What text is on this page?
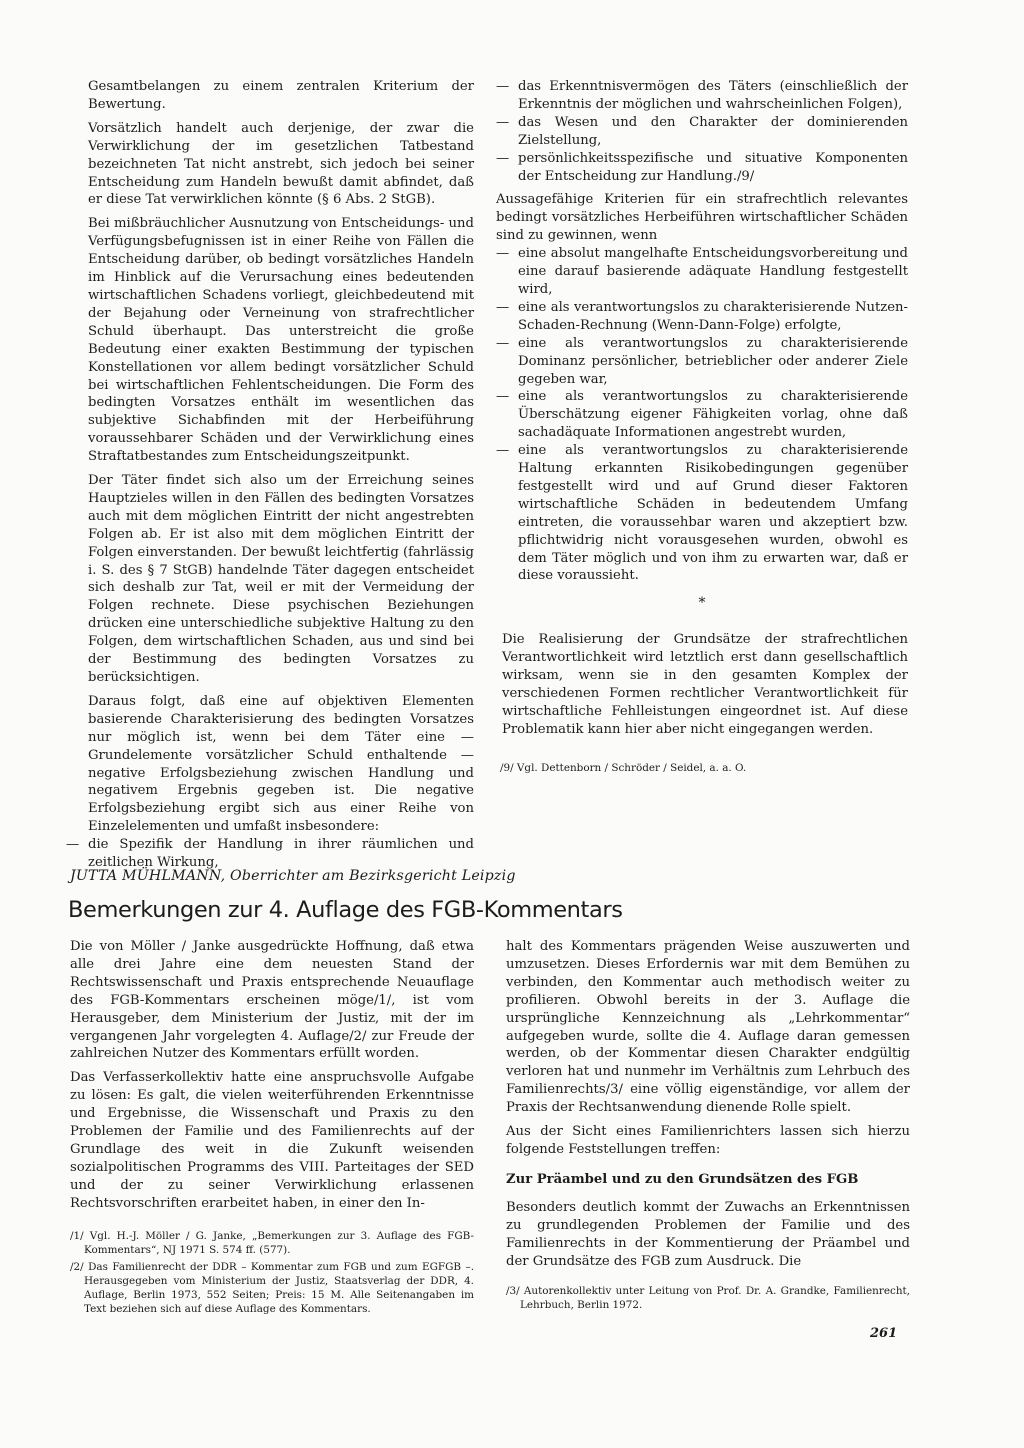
Gesamtbelangen zu einem zentralen Kriterium der Bewertung.

Vorsätzlich handelt auch derjenige, der zwar die Verwirklichung der im gesetzlichen Tatbestand bezeichneten Tat nicht anstrebt, sich jedoch bei seiner Entscheidung zum Handeln bewußt damit abfindet, daß er diese Tat verwirklichen könnte (§ 6 Abs. 2 StGB).

Bei mißbräuchlicher Ausnutzung von Entscheidungs- und Verfügungsbefugnissen ist in einer Reihe von Fällen die Entscheidung darüber, ob bedingt vorsätzliches Handeln im Hinblick auf die Verursachung eines bedeutenden wirtschaftlichen Schadens vorliegt, gleichbedeutend mit der Bejahung oder Verneinung von strafrechtlicher Schuld überhaupt. Das unterstreicht die große Bedeutung einer exakten Bestimmung der typischen Konstellationen vor allem bedingt vorsätzlicher Schuld bei wirtschaftlichen Fehlentscheidungen. Die Form des bedingten Vorsatzes enthält im wesentlichen das subjektive Sichabfinden mit der Herbeiführung voraussehbarer Schäden und der Verwirklichung eines Straftatbestandes zum Entscheidungszeitpunkt.

Der Täter findet sich also um der Erreichung seines Hauptzieles willen in den Fällen des bedingten Vorsatzes auch mit dem möglichen Eintritt der nicht angestrebten Folgen ab. Er ist also mit dem möglichen Eintritt der Folgen einverstanden. Der bewußt leichtfertig (fahrlässig i. S. des § 7 StGB) handelnde Täter dagegen entscheidet sich deshalb zur Tat, weil er mit der Vermeidung der Folgen rechnete. Diese psychischen Beziehungen drücken eine unterschiedliche subjektive Haltung zu den Folgen, dem wirtschaftlichen Schaden, aus und sind bei der Bestimmung des bedingten Vorsatzes zu berücksichtigen.

Daraus folgt, daß eine auf objektiven Elementen basierende Charakterisierung des bedingten Vorsatzes nur möglich ist, wenn bei dem Täter eine — Grundelemente vorsätzlicher Schuld enthaltende — negative Erfolgsbeziehung zwischen Handlung und negativem Ergebnis gegeben ist. Die negative Erfolgsbeziehung ergibt sich aus einer Reihe von Einzelelementen und umfaßt insbesondere:

— die Spezifik der Handlung in ihrer räumlichen und zeitlichen Wirkung,

— das Erkenntnisvermögen des Täters (einschließlich der Erkenntnis der möglichen und wahrscheinlichen Folgen),

— das Wesen und den Charakter der dominierenden Zielstellung,

— persönlichkeitsspezifische und situative Komponenten der Entscheidung zur Handlung./9/

Aussagefähige Kriterien für ein strafrechtlich relevantes bedingt vorsätzliches Herbeiführen wirtschaftlicher Schäden sind zu gewinnen, wenn

— eine absolut mangelhafte Entscheidungsvorbereitung und eine darauf basierende adäquate Handlung festgestellt wird,

— eine als verantwortungslos zu charakterisierende Nutzen-Schaden-Rechnung (Wenn-Dann-Folge) erfolgte,

— eine als verantwortungslos zu charakterisierende Dominanz persönlicher, betrieblicher oder anderer Ziele gegeben war,

— eine als verantwortungslos zu charakterisierende Überschätzung eigener Fähigkeiten vorlag, ohne daß sachadäquate Informationen angestrebt wurden,

— eine als verantwortungslos zu charakterisierende Haltung erkannten Risikobedingungen gegenüber festgestellt wird und auf Grund dieser Faktoren wirtschaftliche Schäden in bedeutendem Umfang eintreten, die voraussehbar waren und akzeptiert bzw. pflichtwidrig nicht vorausgesehen wurden, obwohl es dem Täter möglich und von ihm zu erwarten war, daß er diese voraussieht.

*

Die Realisierung der Grundsätze der strafrechtlichen Verantwortlichkeit wird letztlich erst dann gesellschaftlich wirksam, wenn sie in den gesamten Komplex der verschiedenen Formen rechtlicher Verantwortlichkeit für wirtschaftliche Fehlleistungen eingeordnet ist. Auf diese Problematik kann hier aber nicht eingegangen werden.

/9/ Vgl. Dettenborn / Schröder / Seidel, a. a. O.

JUTTA MÜHLMANN, Oberrichter am Bezirksgericht Leipzig

Bemerkungen zur 4. Auflage des FGB-Kommentars

Die von Möller / Janke ausgedrückte Hoffnung, daß etwa alle drei Jahre eine dem neuesten Stand der Rechtswissenschaft und Praxis entsprechende Neuauflage des FGB-Kommentars erscheinen möge/1/, ist vom Herausgeber, dem Ministerium der Justiz, mit der im vergangenen Jahr vorgelegten 4. Auflage/2/ zur Freude der zahlreichen Nutzer des Kommentars erfüllt worden.

Das Verfasserkollektiv hatte eine anspruchsvolle Aufgabe zu lösen: Es galt, die vielen weiterführenden Erkenntnisse und Ergebnisse, die Wissenschaft und Praxis zu den Problemen der Familie und des Familienrechts auf der Grundlage des weit in die Zukunft weisenden sozialpolitischen Programms des VIII. Parteitages der SED und der zu seiner Verwirklichung erlassenen Rechtsvorschriften erarbeitet haben, in einer den In-

/1/ Vgl. H.-J. Möller / G. Janke, „Bemerkungen zur 3. Auflage des FGB-Kommentars“, NJ 1971 S. 574 ff. (577).

/2/ Das Familienrecht der DDR – Kommentar zum FGB und zum EGFGB –. Herausgegeben vom Ministerium der Justiz, Staatsverlag der DDR, 4. Auflage, Berlin 1973, 552 Seiten; Preis: 15 M. Alle Seitenangaben im Text beziehen sich auf diese Auflage des Kommentars.

halt des Kommentars prägenden Weise auszuwerten und umzusetzen. Dieses Erfordernis war mit dem Bemühen zu verbinden, den Kommentar auch methodisch weiter zu profilieren. Obwohl bereits in der 3. Auflage die ursprüngliche Kennzeichnung als „Lehrkommentar“ aufgegeben wurde, sollte die 4. Auflage daran gemessen werden, ob der Kommentar diesen Charakter endgültig verloren hat und nunmehr im Verhältnis zum Lehrbuch des Familienrechts/3/ eine völlig eigenständige, vor allem der Praxis der Rechtsanwendung dienende Rolle spielt.

Aus der Sicht eines Familienrichters lassen sich hierzu folgende Feststellungen treffen:

Zur Präambel und zu den Grundsätzen des FGB

Besonders deutlich kommt der Zuwachs an Erkenntnissen zu grundlegenden Problemen der Familie und des Familienrechts in der Kommentierung der Präambel und der Grundsätze des FGB zum Ausdruck. Die

/3/ Autorenkollektiv unter Leitung von Prof. Dr. A. Grandke, Familienrecht, Lehrbuch, Berlin 1972.

261
